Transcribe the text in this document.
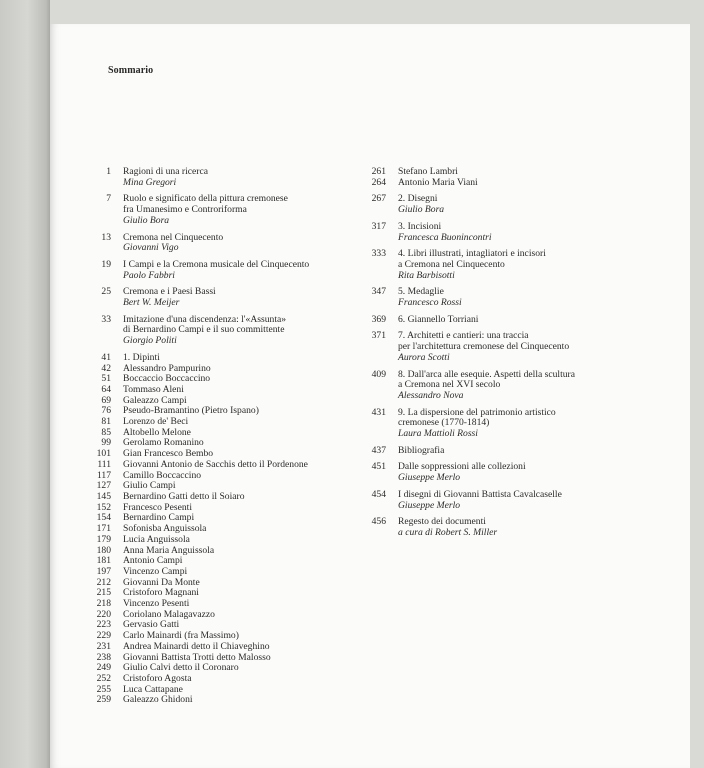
Sommario
1	Ragioni di una ricerca
Mina Gregori
7	Ruolo e significato della pittura cremonese
fra Umanesimo e Controriforma
Giulio Bora
13	Cremona nel Cinquecento
Giovanni Vigo
19	I Campi e la Cremona musicale del Cinquecento
Paolo Fabbri
25	Cremona e i Paesi Bassi
Bert W. Meijer
33	Imitazione d'una discendenza: l'«Assunta»
di Bernardino Campi e il suo committente
Giorgio Politi
41	1. Dipinti
42	Alessandro Pampurino
51	Boccaccio Boccaccino
64	Tommaso Aleni
69	Galeazzo Campi
76	Pseudo-Bramantino (Pietro Ispano)
81	Lorenzo de' Beci
85	Altobello Melone
99	Gerolamo Romanino
101	Gian Francesco Bembo
111	Giovanni Antonio de Sacchis detto il Pordenone
117	Camillo Boccaccino
127	Giulio Campi
145	Bernardino Gatti detto il Soiaro
152	Francesco Pesenti
154	Bernardino Campi
171	Sofonisba Anguissola
179	Lucia Anguissola
180	Anna Maria Anguissola
181	Antonio Campi
197	Vincenzo Campi
212	Giovanni Da Monte
215	Cristoforo Magnani
218	Vincenzo Pesenti
220	Coriolano Malagavazzo
223	Gervasio Gatti
229	Carlo Mainardi (fra Massimo)
231	Andrea Mainardi detto il Chiaveghino
238	Giovanni Battista Trotti detto Malosso
249	Giulio Calvi detto il Coronaro
252	Cristoforo Agosta
255	Luca Cattapane
259	Galeazzo Ghidoni
261	Stefano Lambri
264	Antonio Maria Viani
267	2. Disegni
Giulio Bora
317	3. Incisioni
Francesca Buonincontri
333	4. Libri illustrati, intagliatori e incisori
a Cremona nel Cinquecento
Rita Barbisotti
347	5. Medaglie
Francesco Rossi
369	6. Giannello Torriani
371	7. Architetti e cantieri: una traccia
per l'architettura cremonese del Cinquecento
Aurora Scotti
409	8. Dall'arca alle esequie. Aspetti della scultura
a Cremona nel XVI secolo
Alessandro Nova
431	9. La dispersione del patrimonio artistico
cremonese (1770-1814)
Laura Mattioli Rossi
437	Bibliografia
451	Dalle soppressioni alle collezioni
Giuseppe Merlo
454	I disegni di Giovanni Battista Cavalcaselle
Giuseppe Merlo
456	Regesto dei documenti
a cura di Robert S. Miller
